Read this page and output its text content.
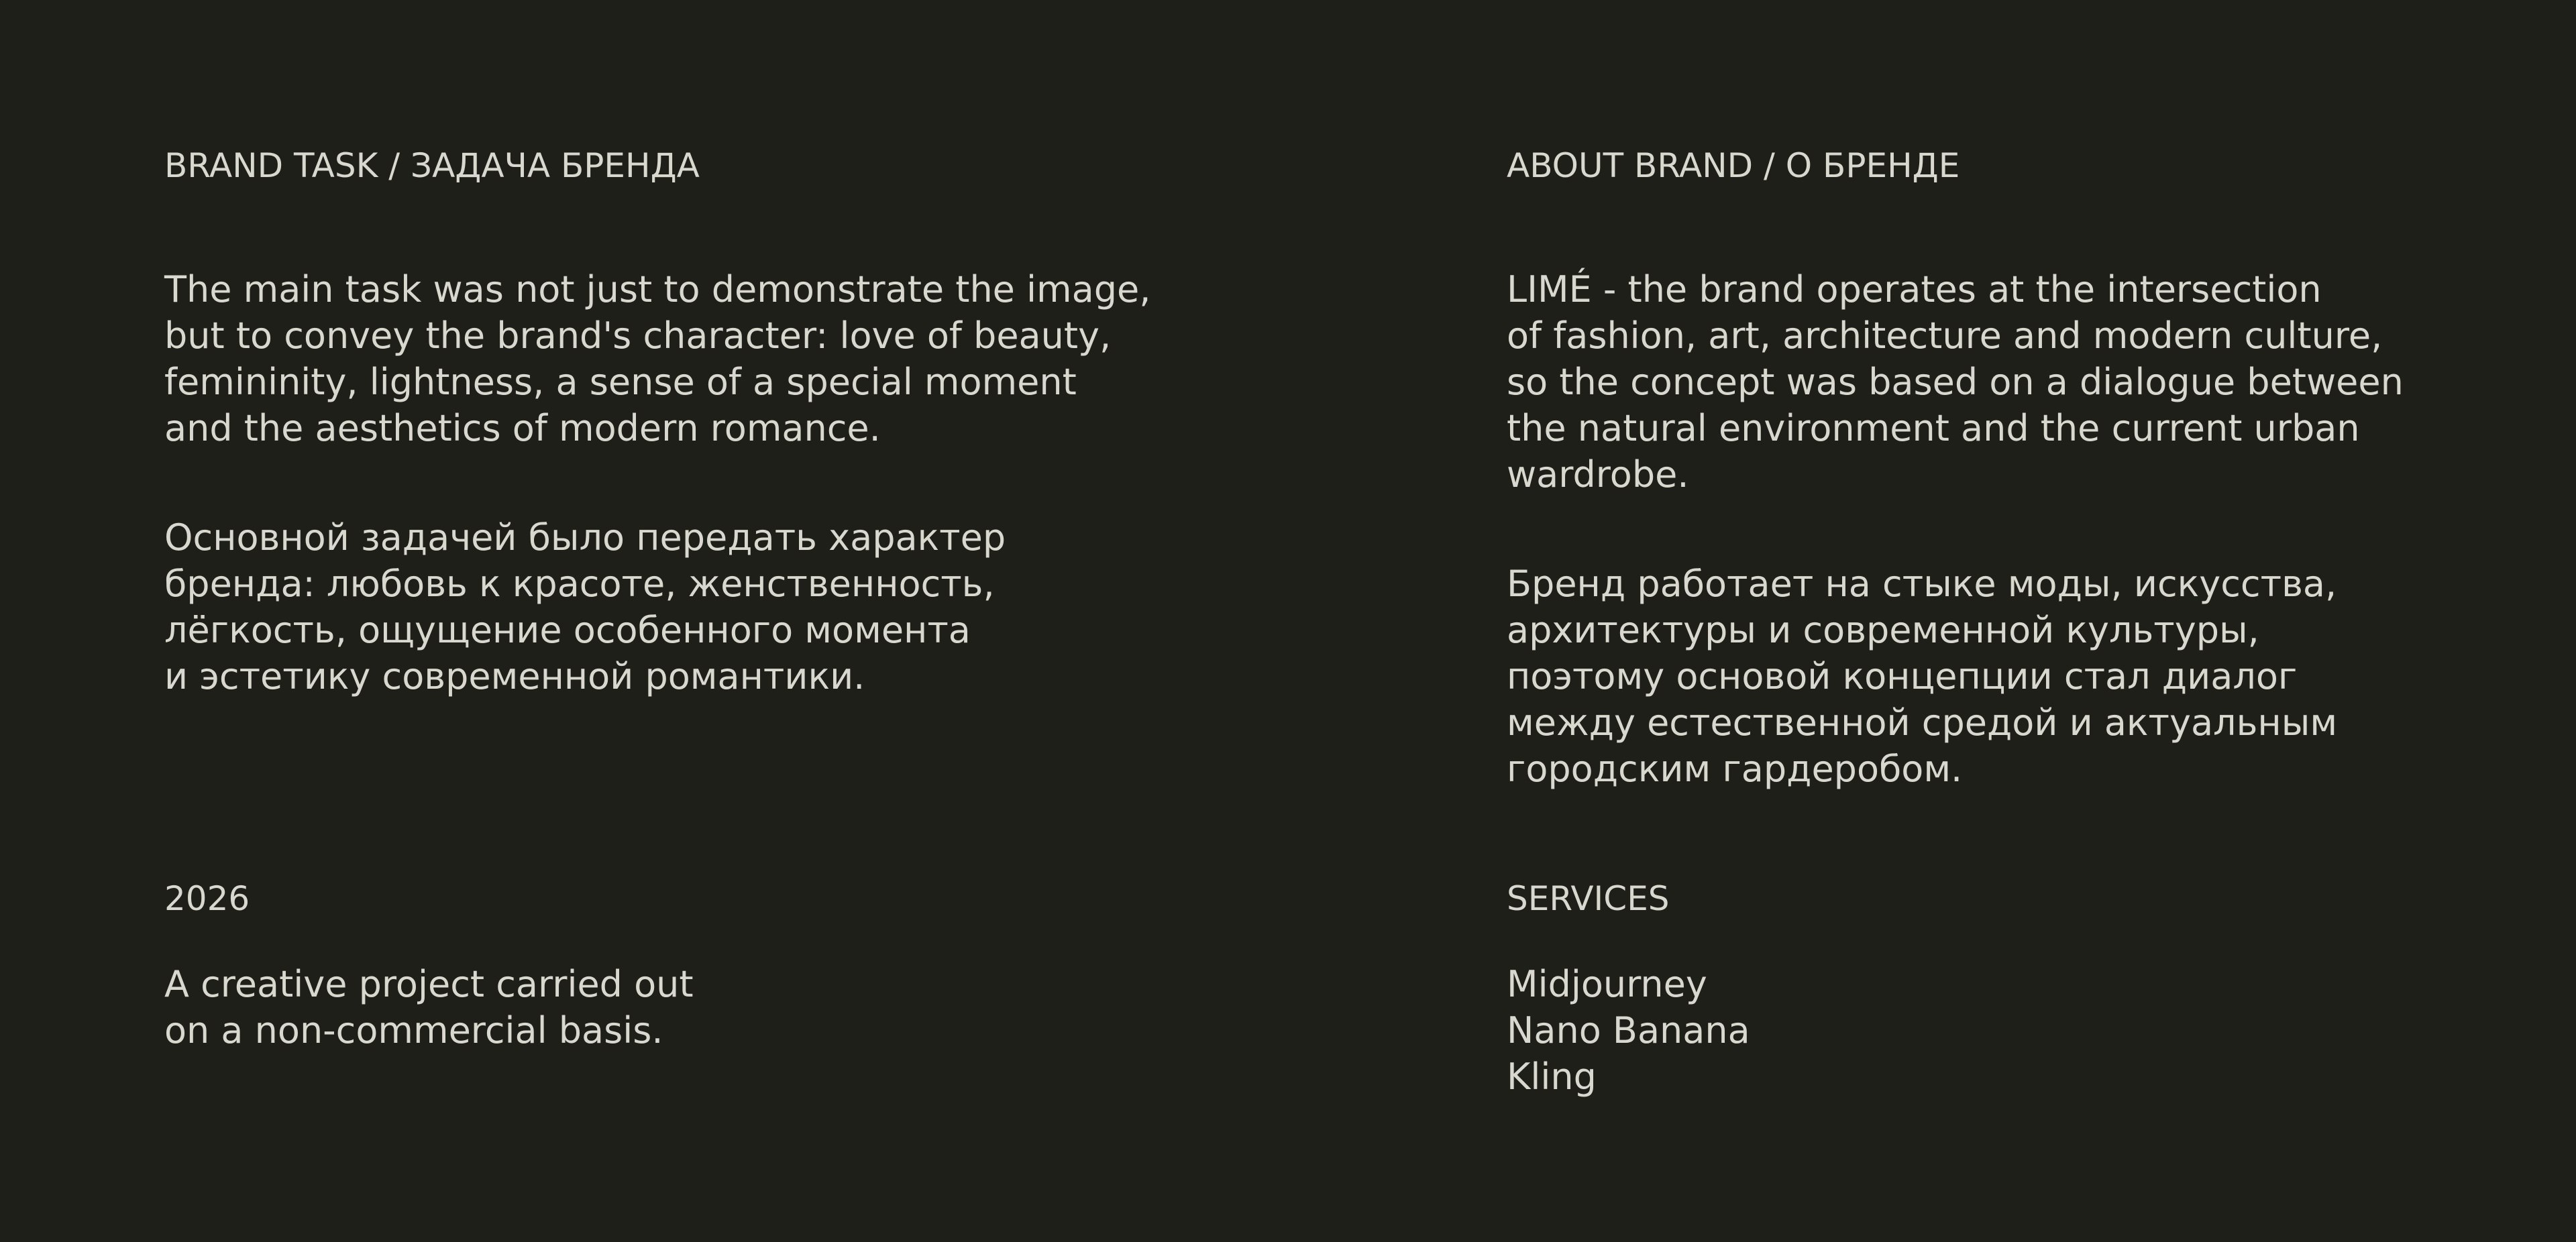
BRAND TASK / ЗАДАЧА БРЕНДА

The main task was not just to demonstrate the image,
but to convey the brand's character: love of beauty,
femininity, lightness, a sense of a special moment
and the aesthetics of modern romance.

Основной задачей было передать характер
бренда: любовь к красоте, женственность,
лёгкость, ощущение особенного момента
и эстетику современной романтики.

2026

A creative project carried out
on a non-commercial basis.

ABOUT BRAND / О БРЕНДЕ

LIMÉ - the brand operates at the intersection
of fashion, art, architecture and modern culture,
so the concept was based on a dialogue between
the natural environment and the current urban
wardrobe.

Бренд работает на стыке моды, искусства,
архитектуры и современной культуры,
поэтому основой концепции стал диалог
между естественной средой и актуальным
городским гардеробом.

SERVICES

Midjourney
Nano Banana
Kling
